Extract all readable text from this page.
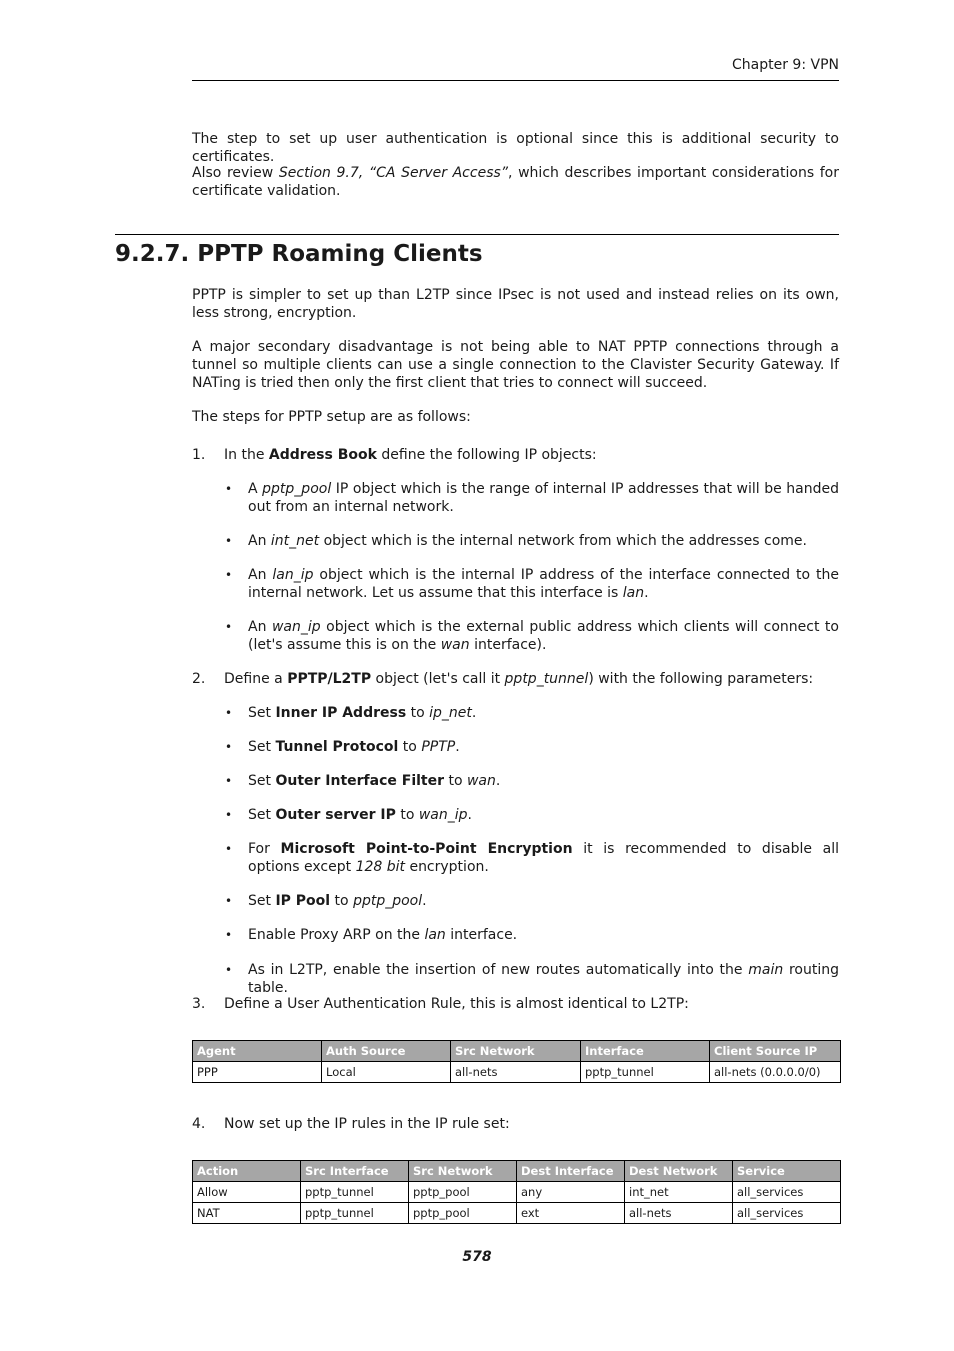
Chapter 9: VPN

The step to set up user authentication is optional since this is additional security to certificates.

Also review Section 9.7, “CA Server Access”, which describes important considerations for certificate validation.

9.2.7. PPTP Roaming Clients

PPTP is simpler to set up than L2TP since IPsec is not used and instead relies on its own, less strong, encryption.

A major secondary disadvantage is not being able to NAT PPTP connections through a tunnel so multiple clients can use a single connection to the Clavister Security Gateway. If NATing is tried then only the first client that tries to connect will succeed.

The steps for PPTP setup are as follows:

1. In the Address Book define the following IP objects:

• A pptp_pool IP object which is the range of internal IP addresses that will be handed out from an internal network.

• An int_net object which is the internal network from which the addresses come.

• An lan_ip object which is the internal IP address of the interface connected to the internal network. Let us assume that this interface is lan.

• An wan_ip object which is the external public address which clients will connect to (let's assume this is on the wan interface).

2. Define a PPTP/L2TP object (let's call it pptp_tunnel) with the following parameters:

• Set Inner IP Address to ip_net.

• Set Tunnel Protocol to PPTP.

• Set Outer Interface Filter to wan.

• Set Outer server IP to wan_ip.

• For Microsoft Point-to-Point Encryption it is recommended to disable all options except 128 bit encryption.

• Set IP Pool to pptp_pool.

• Enable Proxy ARP on the lan interface.

• As in L2TP, enable the insertion of new routes automatically into the main routing table.

3. Define a User Authentication Rule, this is almost identical to L2TP:

Agent	Auth Source	Src Network	Interface	Client Source IP
PPP	Local	all-nets	pptp_tunnel	all-nets (0.0.0.0/0)
4. Now set up the IP rules in the IP rule set:

Action	Src Interface	Src Network	Dest Interface	Dest Network	Service
Allow	pptp_tunnel	pptp_pool	any	int_net	all_services
NAT	pptp_tunnel	pptp_pool	ext	all-nets	all_services
578
